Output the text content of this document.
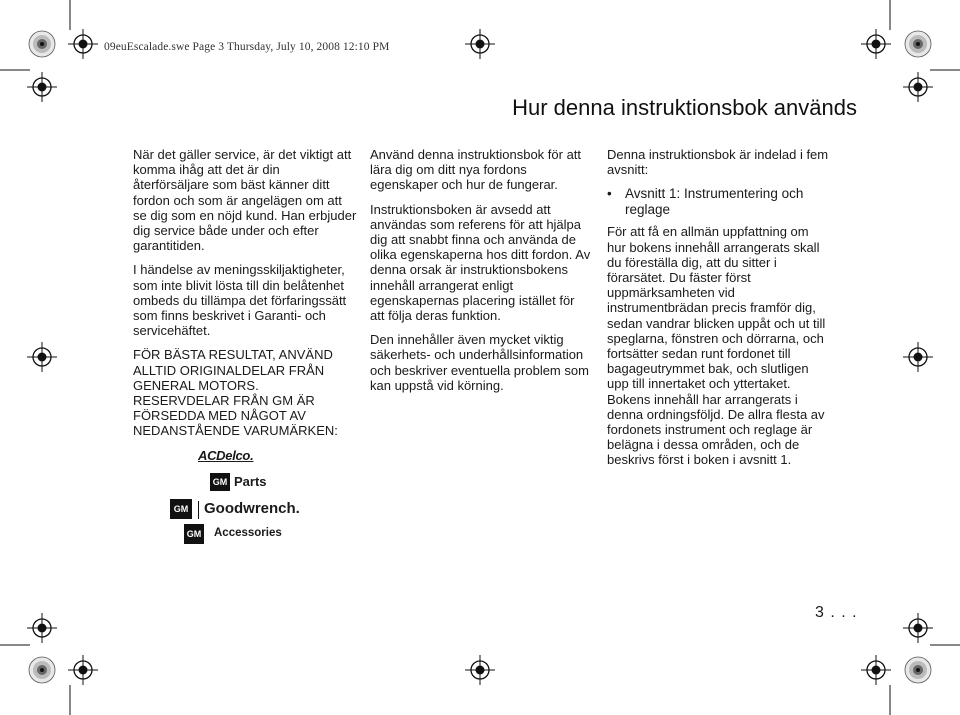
09euEscalade.swe Page 3 Thursday, July 10, 2008 12:10 PM
Hur denna instruktionsbok används

När det gäller service, är det viktigt att komma ihåg att det är din återförsäljare som bäst känner ditt fordon och som är angelägen om att se dig som en nöjd kund. Han erbjuder dig service både under och efter garantitiden.

I händelse av meningsskiljaktigheter, som inte blivit lösta till din belåtenhet ombeds du tillämpa det förfaringssätt som finns beskrivet i Garanti- och servicehäftet.

FÖR BÄSTA RESULTAT, ANVÄND ALLTID ORIGINALDELAR FRÅN GENERAL MOTORS. RESERVDELAR FRÅN GM ÄR FÖRSEDDA MED NÅGOT AV NEDANSTÅENDE VARUMÄRKEN:

ACDelco.
GM Parts
GM Goodwrench.
GM Accessories

Använd denna instruktionsbok för att lära dig om ditt nya fordons egenskaper och hur de fungerar.

Instruktionsboken är avsedd att användas som referens för att hjälpa dig att snabbt finna och använda de olika egenskaperna hos ditt fordon. Av denna orsak är instruktionsbokens innehåll arrangerat enligt egenskapernas placering istället för att följa deras funktion.

Den innehåller även mycket viktig säkerhets- och underhållsinformation och beskriver eventuella problem som kan uppstå vid körning.

Denna instruktionsbok är indelad i fem avsnitt:

• Avsnitt 1: Instrumentering och reglage

För att få en allmän uppfattning om hur bokens innehåll arrangerats skall du föreställa dig, att du sitter i förarsätet. Du fäster först uppmärksamheten vid instrumentbrädan precis framför dig, sedan vandrar blicken uppåt och ut till speglarna, fönstren och dörrarna, och fortsätter sedan runt fordonet till bagageutrymmet bak, och slutligen upp till innertaket och yttertaket. Bokens innehåll har arrangerats i denna ordningsföljd. De allra flesta av fordonets instrument och reglage är belägna i dessa områden, och de beskrivs först i boken i avsnitt 1.

3 . . .
